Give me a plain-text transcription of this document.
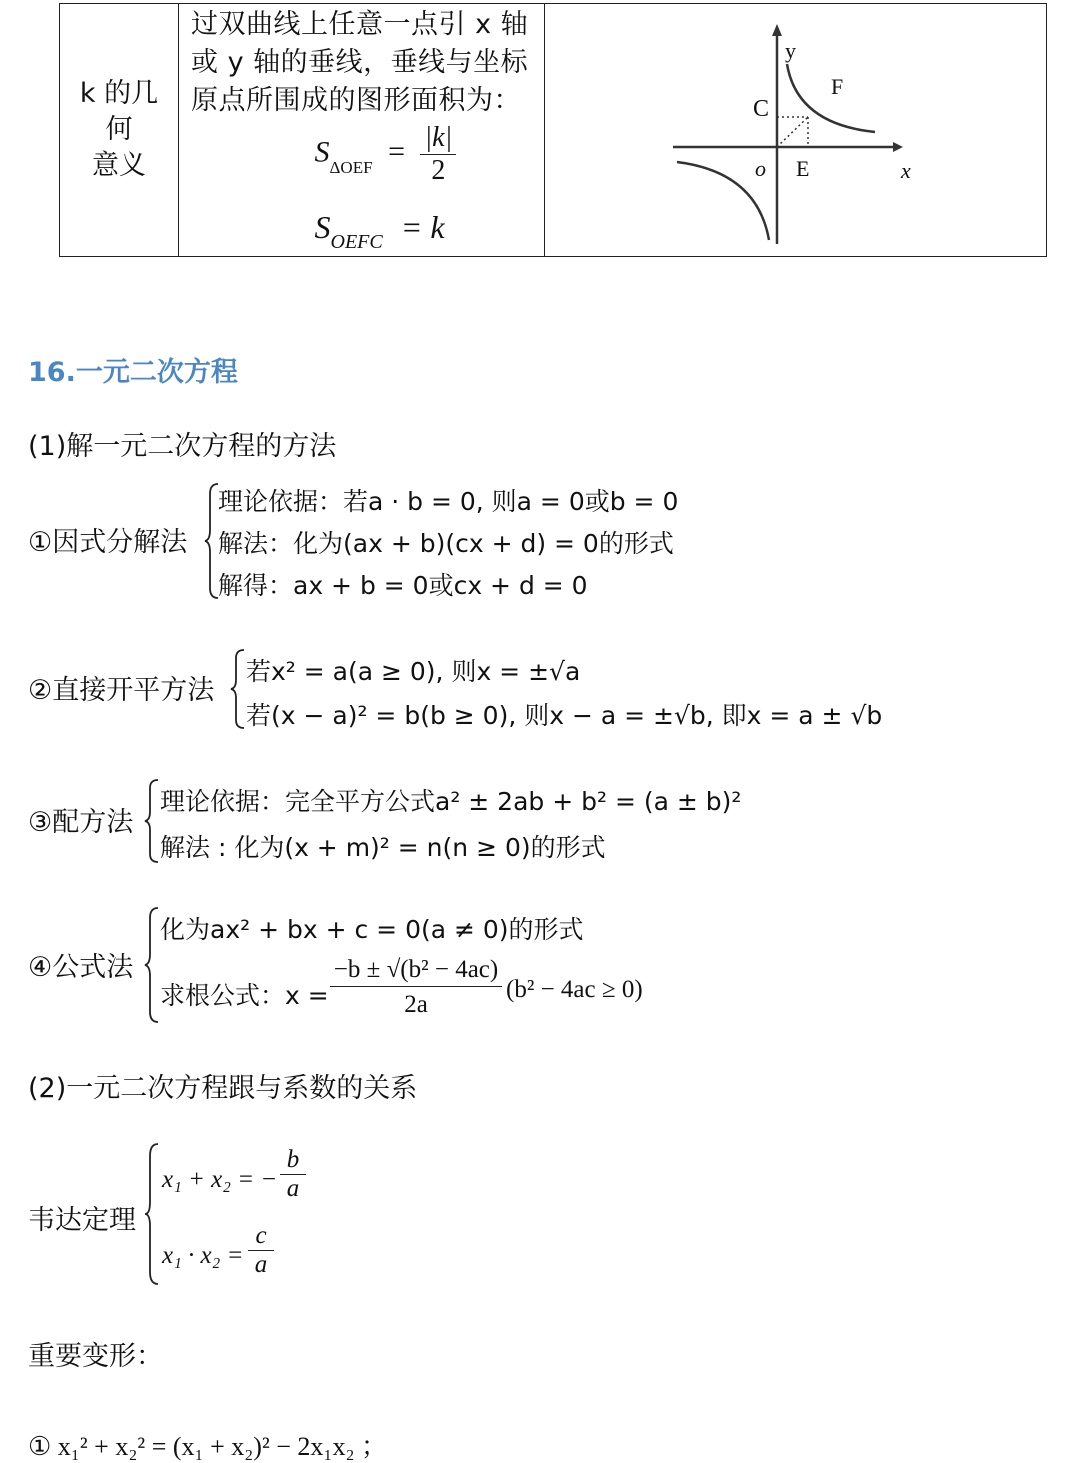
k 的几
何
意义

过双曲线上任意一点引 x 轴
或 y 轴的垂线，垂线与坐标
原点所围成的图形面积为：
$S_{\Delta OEF} = \frac{|k|}{2}$
$S_{OEFC} = k$

y
x
o
C
E
F
16.一元二次方程
(1)解一元二次方程的方法
①因式分解法
理论依据：若a · b = 0, 则a = 0或b = 0
解法：化为(ax + b)(cx + d) = 0的形式
解得：ax + b = 0或cx + d = 0
②直接开平方法
若x² = a(a ≥ 0), 则x = ±√a
若(x − a)² = b(b ≥ 0), 则x − a = ±√b, 即x = a ± √b
③配方法
理论依据：完全平方公式a² ± 2ab + b² = (a ± b)²
解法 : 化为(x + m)² = n(n ≥ 0)的形式
④公式法
化为ax² + bx + c = 0(a ≠ 0)的形式
求根公式：$x = \frac{\text{−b ± √(b² − 4ac)}}{2a} (b^2 - 4ac \ge 0)$
(2)一元二次方程跟与系数的关系
韦达定理
x₁ + x₂ = −
b
a
x₁ · x₂ =
c
a
重要变形：
① x₁² + x₂² = (x₁ + x₂)² − 2x₁x₂ ；
